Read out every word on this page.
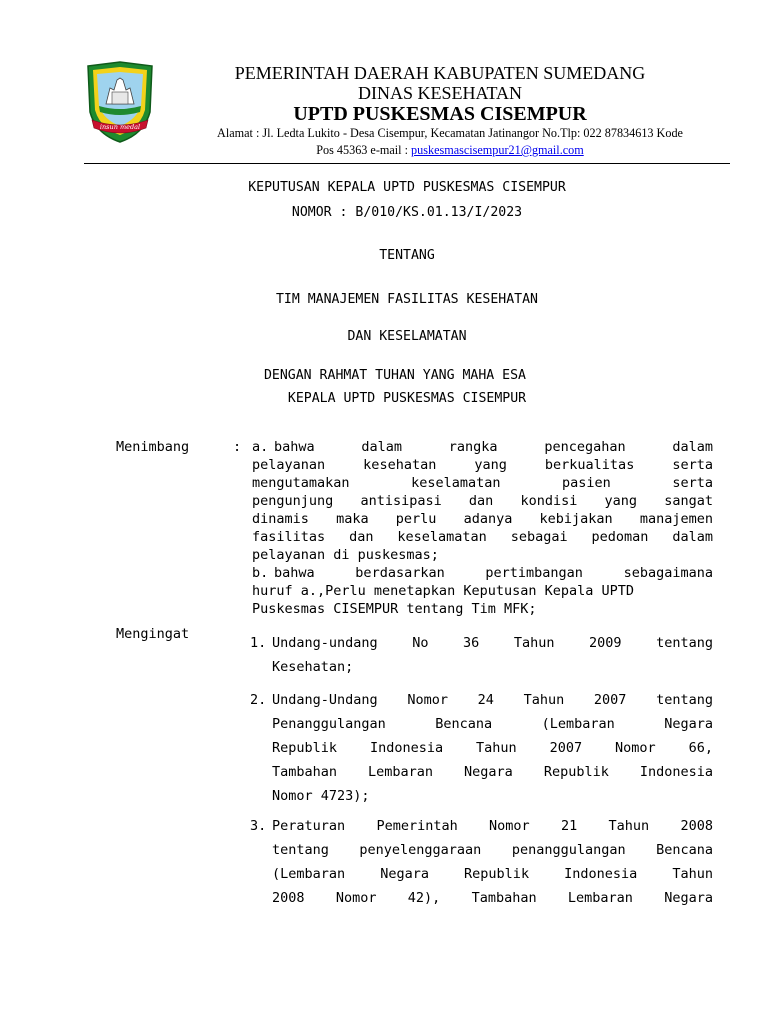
insun medal
PEMERINTAH DAERAH KABUPATEN SUMEDANG
DINAS KESEHATAN
UPTD PUSKESMAS CISEMPUR
Alamat : Jl. Ledta Lukito - Desa Cisempur, Kecamatan Jatinangor No.Tlp: 022 87834613 Kode
Pos 45363 e-mail : puskesmascisempur21@gmail.com
KEPUTUSAN KEPALA UPTD PUSKESMAS CISEMPUR
NOMOR : B/010/KS.01.13/I/2023
TENTANG
TIM MANAJEMEN FASILITAS KESEHATAN
DAN KESELAMATAN
DENGAN RAHMAT TUHAN YANG MAHA ESA
KEPALA UPTD PUSKESMAS CISEMPUR
Menimbang	: a. bahwa dalam rangka pencegahan dalam
pelayanan kesehatan yang berkualitas serta
mengutamakan keselamatan pasien serta
pengunjung antisipasi dan kondisi yang sangat
dinamis maka perlu adanya kebijakan manajemen
fasilitas dan keselamatan sebagai pedoman dalam
pelayanan di puskesmas;
b. bahwa berdasarkan pertimbangan sebagaimana
huruf a.,Perlu menetapkan Keputusan Kepala UPTD
Puskesmas CISEMPUR tentang Tim MFK;
Mengingat
1. Undang-undang No 36 Tahun 2009 tentang
Kesehatan;
2. Undang-Undang Nomor 24 Tahun 2007 tentang
Penanggulangan Bencana (Lembaran Negara
Republik Indonesia Tahun 2007 Nomor 66,
Tambahan Lembaran Negara Republik Indonesia
Nomor 4723);
3. Peraturan Pemerintah Nomor 21 Tahun 2008
tentang penyelenggaraan penanggulangan Bencana
(Lembaran Negara Republik Indonesia Tahun
2008 Nomor 42), Tambahan Lembaran Negara
